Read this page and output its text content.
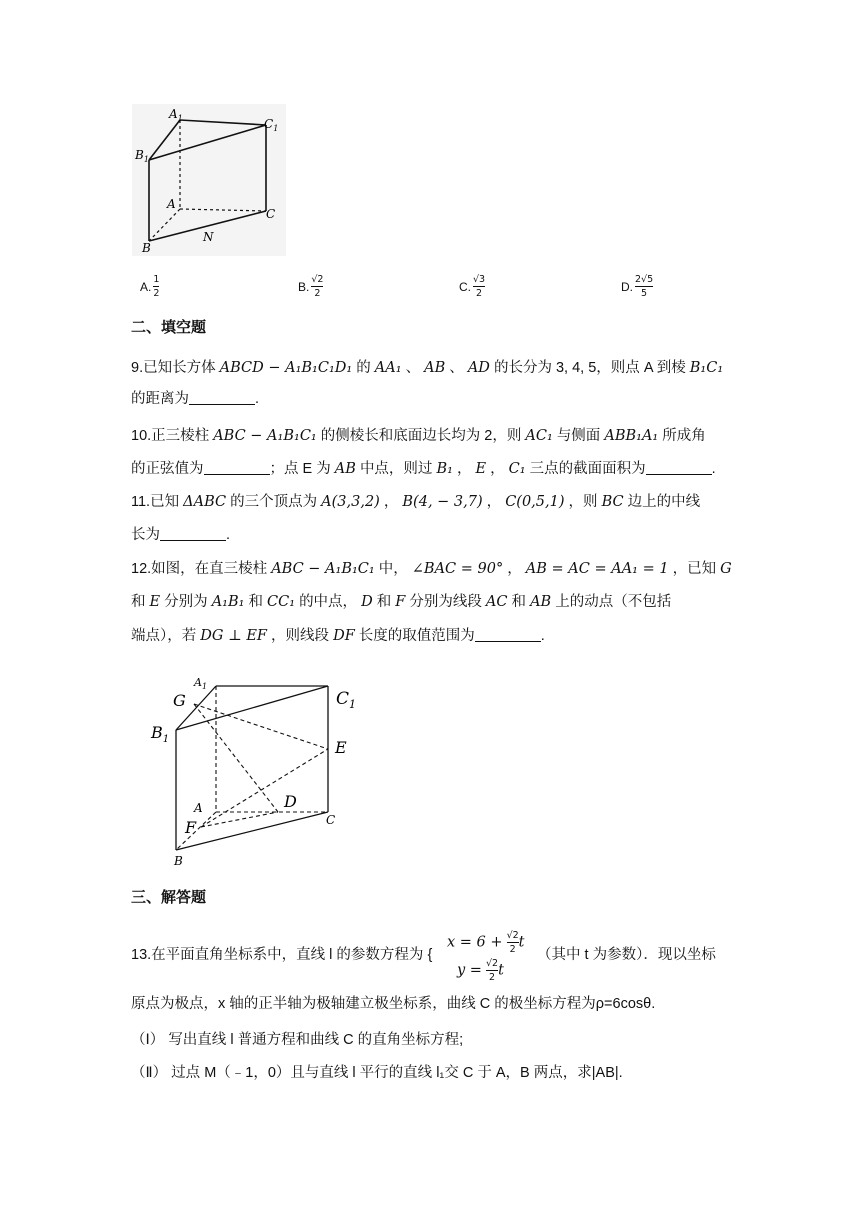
$A_1$	$C_1$
$B_1$
A
C
B
N
A. $\frac{1}{2}$	B. $\frac{√2}{2}$	C. $\frac{√3}{2}$	D. $\frac{2√5}{5}$
二、填空题
9.已知长方体 ABCD − A₁B₁C₁D₁ 的 AA₁ 、 AB 、 AD 的长分为 3, 4, 5，则点 A 到棱 B₁C₁
的距离为	.
10.正三棱柱 ABC − A₁B₁C₁ 的侧棱长和底面边长均为 2，则 AC₁ 与侧面 ABB₁A₁ 所成角
的正弦值为	；点 E 为 AB 中点，则过 B₁ ， E ， C₁ 三点的截面面积为	.
11.已知 ΔABC 的三个顶点为 A(3,3,2) ， B(4, − 3,7) ， C(0,5,1) ，则 BC 边上的中线
长为	.
12.如图，在直三棱柱 ABC − A₁B₁C₁ 中， ∠BAC = 90° ， AB = AC = AA₁ = 1 ，已知 G
和 E 分别为 A₁B₁ 和 CC₁ 的中点， D 和 F 分别为线段 AC 和 AB 上的动点（不包括
端点），若 DG ⊥ EF ，则线段 DF 长度的取值范围为	.
$A_1$
G	$C_1$
$B_1$	E
A	D
F	C
B
三、解答题
13.在平面直角坐标系中，直线 l 的参数方程为 {
$x = 6 + \frac{√2}{2}$ t
$y = \frac{√2}{2}$ t
（其中 t 为参数）．现以坐标
原点为极点，x 轴的正半轴为极轴建立极坐标系，曲线 C 的极坐标方程为ρ=6cosθ.
（Ⅰ） 写出直线 l 普通方程和曲线 C 的直角坐标方程;
（Ⅱ） 过点 M（﹣1，0）且与直线 l 平行的直线 l₁交 C 于 A，B 两点，求|AB|.
